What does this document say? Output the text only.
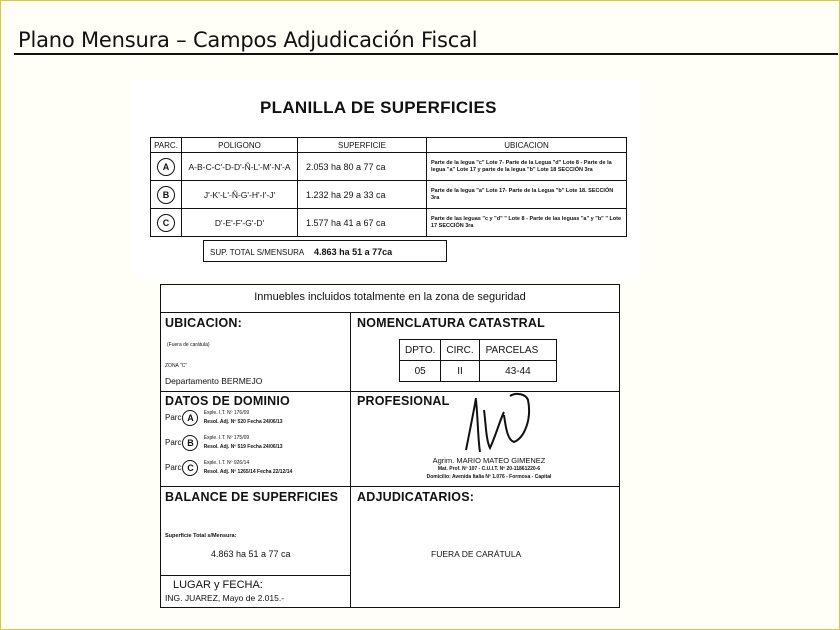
Plano Mensura – Campos Adjudicación Fiscal
PLANILLA DE SUPERFICIES
PARC.	POLIGONO	SUPERFICIE	UBICACION
A	A-B-C-C'-D-D'-Ñ-L'-M'-N'-A	2.053 ha 80 a 77 ca	Parte de la legua "c" Lote 7- Parte de la Legua "d" Lote 8 - Parte de la legua "a" Lote 17 y parte de la legua "b" Lote 18 SECCIÓN 3ra
B	J'-K'-L'-Ñ-G'-H'-I'-J'	1.232 ha 29 a 33 ca	Parte de la legua "a" Lote 17- Parte de la Legua "b" Lote 18. SECCIÓN 3ra
C	D'-E'-F'-G'-D'	1.577 ha 41 a 67 ca	Parte de las leguas "c y "d" " Lote 8 - Parte de las leguas "a" y "b" " Lote 17 SECCIÓN 3ra
SUP. TOTAL S/MENSURA 4.863 ha 51 a 77ca
Inmuebles incluidos totalmente en la zona de seguridad
UBICACION:
(Fuera de carátula)
ZONA "C"
Departamento BERMEJO
NOMENCLATURA CATASTRAL
DPTO.	CIRC.	PARCELAS
05	II	43-44
DATOS DE DOMINIO
Parc A Exple. I.T. Nº 176/09
Resol. Adj. Nº 520 Fecha 24/06/13
Parc B Exple. I.T. Nº 175/09
Resol. Adj. Nº 519 Fecha 24/06/13
Parc C Exple. I.T. Nº 926/14
Resol. Adj. Nº 1265/14 Fecha 22/12/14
PROFESIONAL
Agrim. MARIO MATEO GIMENEZ
Mat. Prof. Nº 107 - C.U.I.T. Nº 20-11861220-6
Domicilio: Avenida Italia Nº 1.076 - Formosa - Capital
BALANCE DE SUPERFICIES
Superficie Total s/Mensura:
4.863 ha 51 a 77 ca
ADJUDICATARIOS:
FUERA DE CARÁTULA
LUGAR y FECHA:
ING. JUAREZ, Mayo de 2.015.-
